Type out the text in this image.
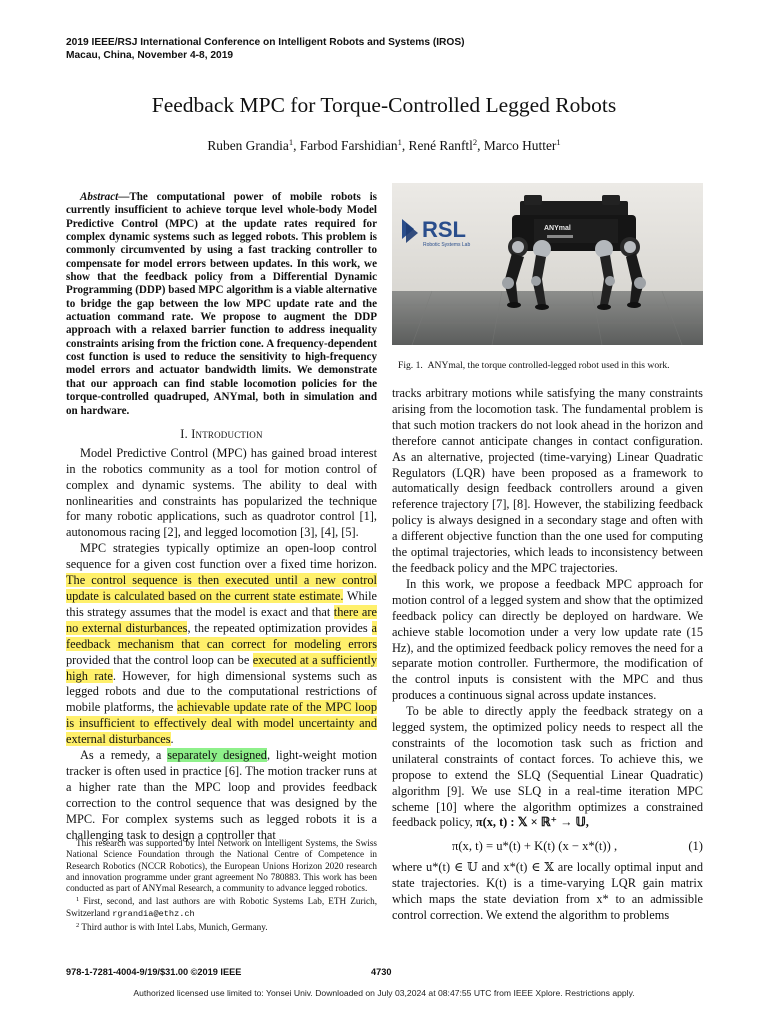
2019 IEEE/RSJ International Conference on Intelligent Robots and Systems (IROS)
Macau, China, November 4-8, 2019
Feedback MPC for Torque-Controlled Legged Robots
Ruben Grandia$^1$, Farbod Farshidian$^1$, René Ranftl$^2$, Marco Hutter$^1$

Abstract—The computational power of mobile robots is currently insufficient to achieve torque level whole-body Model Predictive Control (MPC) at the update rates required for complex dynamic systems such as legged robots. This problem is commonly circumvented by using a fast tracking controller to compensate for model errors between updates. In this work, we show that the feedback policy from a Differential Dynamic Programming (DDP) based MPC algorithm is a viable alternative to bridge the gap between the low MPC update rate and the actuation command rate. We propose to augment the DDP approach with a relaxed barrier function to address inequality constraints arising from the friction cone. A frequency-dependent cost function is used to reduce the sensitivity to high-frequency model errors and actuator bandwidth limits. We demonstrate that our approach can find stable locomotion policies for the torque-controlled quadruped, ANYmal, both in simulation and on hardware.

I. Introduction

Model Predictive Control (MPC) has gained broad interest in the robotics community as a tool for motion control of complex and dynamic systems. The ability to deal with nonlinearities and constraints has popularized the technique for many robotic applications, such as quadrotor control [1], autonomous racing [2], and legged locomotion [3], [4], [5].

MPC strategies typically optimize an open-loop control sequence for a given cost function over a fixed time horizon. The control sequence is then executed until a new control update is calculated based on the current state estimate. While this strategy assumes that the model is exact and that there are no external disturbances, the repeated optimization provides a feedback mechanism that can correct for modeling errors provided that the control loop can be executed at a sufficiently high rate. However, for high dimensional systems such as legged robots and due to the computational restrictions of mobile platforms, the achievable update rate of the MPC loop is insufficient to effectively deal with model uncertainty and external disturbances.

As a remedy, a separately designed, light-weight motion tracker is often used in practice [6]. The motion tracker runs at a higher rate than the MPC loop and provides feedback correction to the control sequence that was designed by the MPC. For complex systems such as legged robots it is a challenging task to design a controller that

This research was supported by Intel Network on Intelligent Systems, the Swiss National Science Foundation through the National Centre of Competence in Research Robotics (NCCR Robotics), the European Unions Horizon 2020 research and innovation programme under grant agreement No 780883. This work has been conducted as part of ANYmal Research, a community to advance legged robotics.

$^1$ First, second, and last authors are with Robotic Systems Lab, ETH Zurich, Switzerland rgrandia@ethz.ch

$^2$ Third author is with Intel Labs, Munich, Germany.

RSL
Robotic Systems Lab
ANYmal
Fig. 1. ANYmal, the torque controlled-legged robot used in this work.

tracks arbitrary motions while satisfying the many constraints arising from the locomotion task. The fundamental problem is that such motion trackers do not look ahead in the horizon and therefore cannot anticipate changes in contact configuration. As an alternative, projected (time-varying) Linear Quadratic Regulators (LQR) have been proposed as a framework to automatically design feedback controllers around a given reference trajectory [7], [8]. However, the stabilizing feedback policy is always designed in a secondary stage and often with a different objective function than the one used for computing the optimal trajectories, which leads to inconsistency between the feedback policy and the MPC trajectories.

In this work, we propose a feedback MPC approach for motion control of a legged system and show that the optimized feedback policy can directly be deployed on hardware. We achieve stable locomotion under a very low update rate (15 Hz), and the optimized feedback policy removes the need for a separate motion controller. Furthermore, the modification of the control inputs is consistent with the MPC and thus produces a continuous signal across update instances.

To be able to directly apply the feedback strategy on a legged system, the optimized policy needs to respect all the constraints of the locomotion task such as friction and unilateral constraints of contact forces. To achieve this, we propose to extend the SLQ (Sequential Linear Quadratic) algorithm [9]. We use SLQ in a real-time iteration MPC scheme [10] where the algorithm optimizes a constrained feedback policy, π(x, t) : 𝕏 × ℝ⁺ → 𝕌,

π(x, t) = u*(t) + K(t) (x − x*(t)) ,	(1)

where u*(t) ∈ 𝕌 and x*(t) ∈ 𝕏 are locally optimal input and state trajectories. K(t) is a time-varying LQR gain matrix which maps the state deviation from x* to an admissible control correction. We extend the algorithm to problems

978-1-7281-4004-9/19/$31.00 ©2019 IEEE	4730
Authorized licensed use limited to: Yonsei Univ. Downloaded on July 03,2024 at 08:47:55 UTC from IEEE Xplore. Restrictions apply.
